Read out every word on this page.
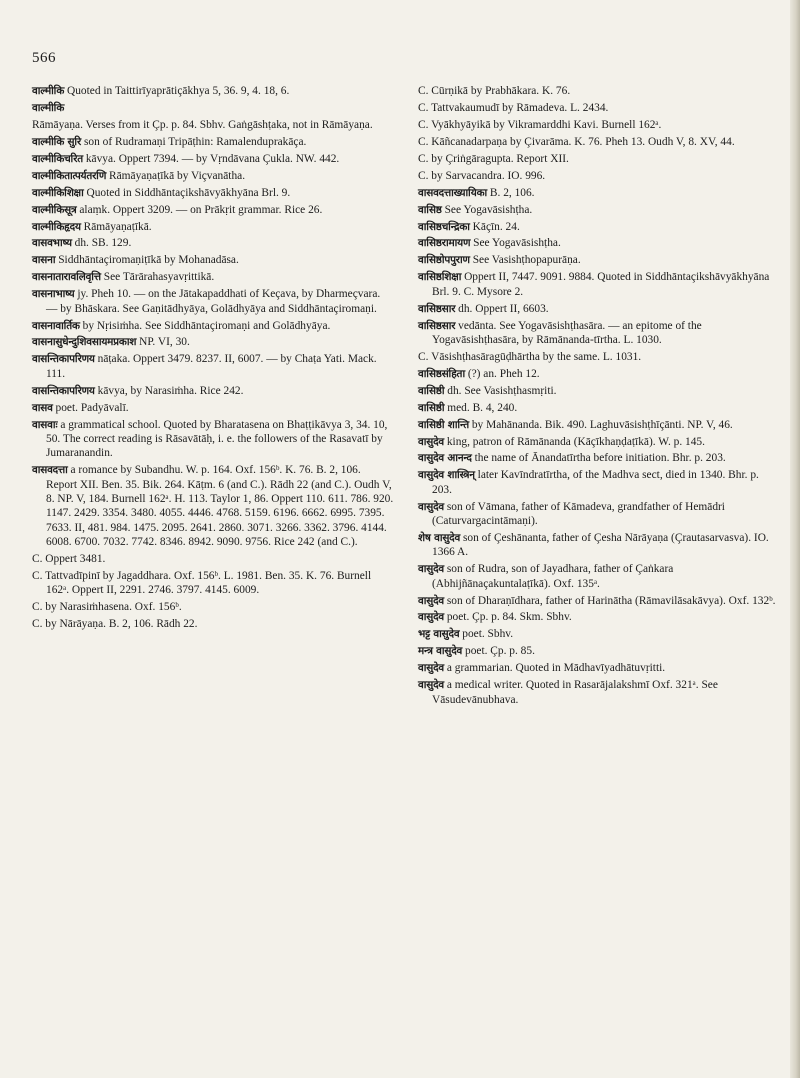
566
वाल्मीकि Quoted in Taittirīyaprātiçākhya 5, 36. 9, 4. 18, 6.
वाल्मीकि
Rāmāyaṇa. Verses from it Çp. p. 84. Sbhv. Gaṅgāshṭaka, not in Rāmāyaṇa.
वाल्मीकि सुरि son of Rudramaṇi Tripāṭhin: Ramalenduprakāça.
वाल्मीकिचरित kāvya. Oppert 7394. — by Vṛndāvana Çukla. NW. 442.
वाल्मीकितात्पर्यतरणि Rāmāyaṇaṭīkā by Viçvanātha.
वाल्मीकिशिक्षा Quoted in Siddhāntaçikshāvyākhyāna Brl. 9.
वाल्मीकिसूत्र alaṃk. Oppert 3209. — on Prākṛit grammar. Rice 26.
वाल्मीकिहृदय Rāmāyaṇaṭīkā.
वासवभाष्य dh. SB. 129.
वासना Siddhāntaçiromaṇiṭīkā by Mohanadāsa.
वासनातारावलिवृत्ति See Tārārahasyavṛittikā.
वासनाभाष्य jy. Pheh 10. — on the Jātakapaddhati of Keçava, by Dharmeçvara. — by Bhāskara. See Gaṇitādhyāya, Golādhyāya and Siddhāntaçiromaṇi.
वासनावार्तिक by Nṛisiṁha. See Siddhāntaçiromaṇi and Golādhyāya.
वासनासुधेन्दुशिवसायमप्रकाश NP. VI, 30.
वासन्तिकापरिणय nāṭaka. Oppert 3479. 8237. II, 6007. — by Chaṭa Yati. Mack. 111.
वासन्तिकापरिणय kāvya, by Narasiṁha. Rice 242.
वासव poet. Padyāvalī.
वासवाः a grammatical school. Quoted by Bharatasena on Bhaṭṭikāvya 3, 34. 10, 50. The correct reading is Rāsavātāḥ, i. e. the followers of the Rasavatī by Jumaranandin.
वासवदत्ता a romance by Subandhu. W. p. 164. Oxf. 156ᵇ. K. 76. B. 2, 106. Report XII. Ben. 35. Bik. 264. Kāṭm. 6 (and C.). Rādh 22 (and C.). Oudh V, 8. NP. V, 184. Burnell 162ᵃ. H. 113. Taylor 1, 86. Oppert 110. 611. 786. 920. 1147. 2429. 3354. 3480. 4055. 4446. 4768. 5159. 6196. 6662. 6995. 7395. 7633. II, 481. 984. 1475. 2095. 2641. 2860. 3071. 3266. 3362. 3796. 4144. 6008. 6700. 7032. 7742. 8346. 8942. 9090. 9756. Rice 242 (and C.).
C. Oppert 3481.
C. Tattvadīpinī by Jagaddhara. Oxf. 156ᵇ. L. 1981. Ben. 35. K. 76. Burnell 162ᵃ. Oppert II, 2291. 2746. 3797. 4145. 6009.
C. by Narasiṁhasena. Oxf. 156ᵇ.
C. by Nārāyaṇa. B. 2, 106. Rādh 22.
C. Cūrṇikā by Prabhākara. K. 76.
C. Tattvakaumudī by Rāmadeva. L. 2434.
C. Vyākhyāyikā by Vikramarddhi Kavi. Burnell 162ᵃ.
C. Kāñcanadarpaṇa by Çivarāma. K. 76. Pheh 13. Oudh V, 8. XV, 44.
C. by Çriṅgāragupta. Report XII.
C. by Sarvacandra. IO. 996.
वासवदत्ताख्यायिका B. 2, 106.
वासिष्ठ See Yogavāsishṭha.
वासिष्ठचन्द्रिका Kāçīn. 24.
वासिष्ठरामायण See Yogavāsishṭha.
वासिष्ठोपपुराण See Vasishṭhopapurāṇa.
वासिष्ठशिक्षा Oppert II, 7447. 9091. 9884. Quoted in Siddhāntaçikshāvyākhyāna Brl. 9. C. Mysore 2.
वासिष्ठसार dh. Oppert II, 6603.
वासिष्ठसार vedānta. See Yogavāsishṭhasāra. — an epitome of the Yogavāsishṭhasāra, by Rāmānanda-tīrtha. L. 1030.
C. Vāsishṭhasāragūḍhārtha by the same. L. 1031.
वासिष्ठसंहिता (?) an. Pheh 12.
वासिष्ठी dh. See Vasishṭhasmṛiti.
वासिष्ठी med. B. 4, 240.
वासिष्ठी शान्ति by Mahānanda. Bik. 490. Laghuvāsishṭhīçānti. NP. V, 46.
वासुदेव king, patron of Rāmānanda (Kāçīkhaṇḍaṭīkā). W. p. 145.
वासुदेव आनन्द the name of Ānandatīrtha before initiation. Bhr. p. 203.
वासुदेव शास्त्रिन् later Kavīndratīrtha, of the Madhva sect, died in 1340. Bhr. p. 203.
वासुदेव son of Vāmana, father of Kāmadeva, grandfather of Hemādri (Caturvargacintāmaṇi).
शेष वासुदेव son of Çeshānanta, father of Çesha Nārāyaṇa (Çrautasarvasva). IO. 1366 A.
वासुदेव son of Rudra, son of Jayadhara, father of Çaṅkara (Abhijñānaçakuntalaṭīkā). Oxf. 135ᵃ.
वासुदेव son of Dharaṇīdhara, father of Harinātha (Rāmavilāsakāvya). Oxf. 132ᵇ.
वासुदेव poet. Çp. p. 84. Skm. Sbhv.
भट्ट वासुदेव poet. Sbhv.
मन्त्र वासुदेव poet. Çp. p. 85.
वासुदेव a grammarian. Quoted in Mādhavīyadhātuvṛitti.
वासुदेव a medical writer. Quoted in Rasarājalakshmī Oxf. 321ᵃ. See Vāsudevānubhava.
